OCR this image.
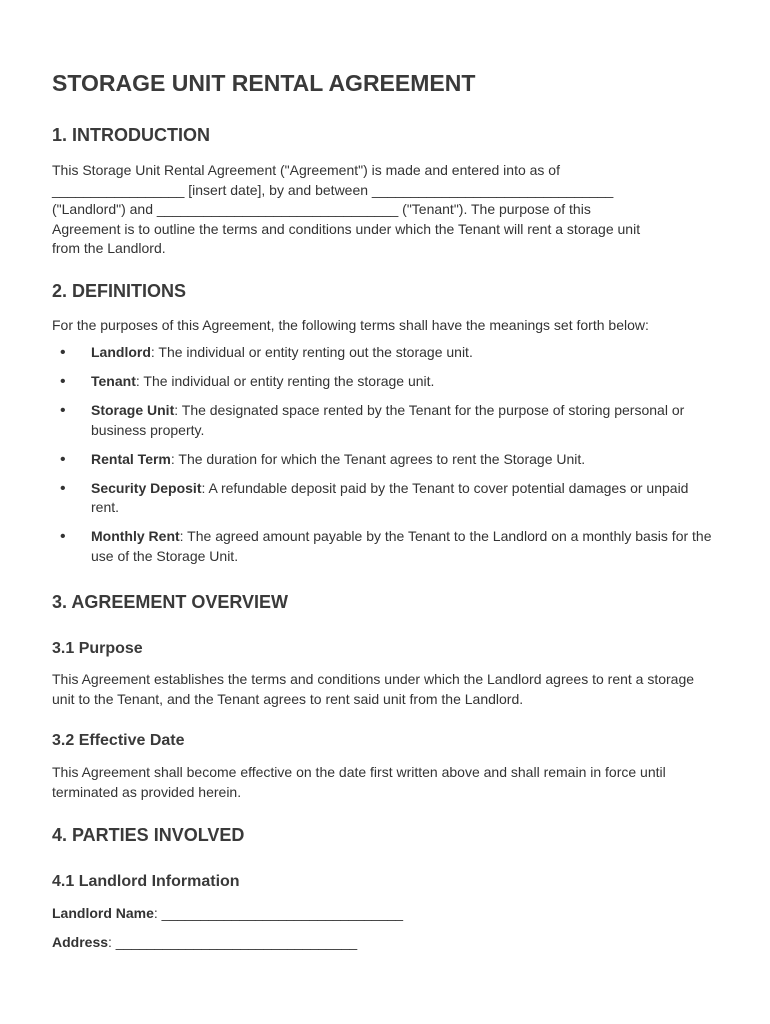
STORAGE UNIT RENTAL AGREEMENT
1. INTRODUCTION
This Storage Unit Rental Agreement ("Agreement") is made and entered into as of
_________________ [insert date], by and between _______________________________
("Landlord") and _______________________________ ("Tenant"). The purpose of this
Agreement is to outline the terms and conditions under which the Tenant will rent a storage unit
from the Landlord.
2. DEFINITIONS

For the purposes of this Agreement, the following terms shall have the meanings set forth below:

• Landlord: The individual or entity renting out the storage unit.
• Tenant: The individual or entity renting the storage unit.
• Storage Unit: The designated space rented by the Tenant for the purpose of storing personal or business property.
• Rental Term: The duration for which the Tenant agrees to rent the Storage Unit.
• Security Deposit: A refundable deposit paid by the Tenant to cover potential damages or unpaid rent.
• Monthly Rent: The agreed amount payable by the Tenant to the Landlord on a monthly basis for the use of the Storage Unit.
3. AGREEMENT OVERVIEW
3.1 Purpose

This Agreement establishes the terms and conditions under which the Landlord agrees to rent a storage unit to the Tenant, and the Tenant agrees to rent said unit from the Landlord.

3.2 Effective Date

This Agreement shall become effective on the date first written above and shall remain in force until terminated as provided herein.

4. PARTIES INVOLVED
4.1 Landlord Information
Landlord Name: _______________________________
Address: _______________________________
